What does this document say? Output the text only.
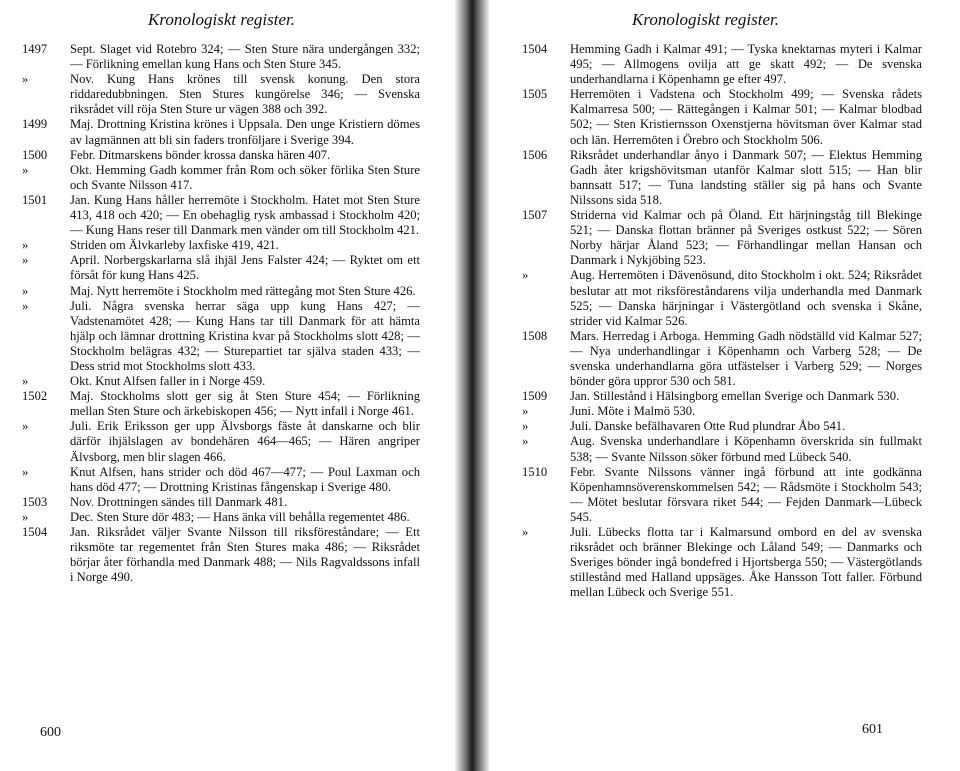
Kronologiskt register.

1497	Sept. Slaget vid Rotebro 324; — Sten Sture nära undergången 332; — Förlikning emellan kung Hans och Sten Sture 345.

»	Nov. Kung Hans krönes till svensk konung. Den stora riddaredubbningen. Sten Stures kungörelse 346; — Svenska riksrådet vill röja Sten Sture ur vägen 388 och 392.

1499	Maj. Drottning Kristina krönes i Uppsala. Den unge Kristiern dömes av lagmännen att bli sin faders tronföljare i Sverige 394.

1500	Febr. Ditmarskens bönder krossa danska hären 407.

»	Okt. Hemming Gadh kommer från Rom och söker förlika Sten Sture och Svante Nilsson 417.

1501	Jan. Kung Hans håller herremöte i Stockholm. Hatet mot Sten Sture 413, 418 och 420; — En obehaglig rysk ambassad i Stockholm 420; — Kung Hans reser till Danmark men vänder om till Stockholm 421.

»	Striden om Älvkarleby laxfiske 419, 421.

»	April. Norbergskarlarna slå ihjäl Jens Falster 424; — Ryktet om ett försåt för kung Hans 425.

»	Maj. Nytt herremöte i Stockholm med rättegång mot Sten Sture 426.

»	Juli. Några svenska herrar säga upp kung Hans 427; — Vadstenamötet 428; — Kung Hans tar till Danmark för att hämta hjälp och lämnar drottning Kristina kvar på Stockholms slott 428; — Stockholm belägras 432; — Sturepartiet tar själva staden 433; — Dess strid mot Stockholms slott 433.

»	Okt. Knut Alfsen faller in i Norge 459.

1502	Maj. Stockholms slott ger sig åt Sten Sture 454; — Förlikning mellan Sten Sture och ärkebiskopen 456; — Nytt infall i Norge 461.

»	Juli. Erik Eriksson ger upp Älvsborgs fäste åt danskarne och blir därför ihjälslagen av bondehären 464—465; — Hären angriper Älvsborg, men blir slagen 466.

»	Knut Alfsen, hans strider och död 467—477; — Poul Laxman och hans död 477; — Drottning Kristinas fångenskap i Sverige 480.

1503	Nov. Drottningen sändes till Danmark 481.

»	Dec. Sten Sture dör 483; — Hans änka vill behålla regementet 486.

1504	Jan. Riksrådet väljer Svante Nilsson till riksföreståndare; — Ett riksmöte tar regementet från Sten Stures maka 486; — Riksrådet börjar åter förhandla med Danmark 488; — Nils Ragvaldssons infall i Norge 490.

600
Kronologiskt register.

1504	Hemming Gadh i Kalmar 491; — Tyska knektarnas myteri i Kalmar 495; — Allmogens ovilja att ge skatt 492; — De svenska underhandlarna i Köpenhamn ge efter 497.

1505	Herremöten i Vadstena och Stockholm 499; — Svenska rådets Kalmarresa 500; — Rättegången i Kalmar 501; — Kalmar blodbad 502; — Sten Kristiernsson Oxenstjerna hövitsman över Kalmar stad och län. Herremöten i Örebro och Stockholm 506.

1506	Riksrådet underhandlar ånyo i Danmark 507; — Elektus Hemming Gadh åter krigshövitsman utanför Kalmar slott 515; — Han blir bannsatt 517; — Tuna landsting ställer sig på hans och Svante Nilssons sida 518.

1507	Striderna vid Kalmar och på Öland. Ett härjningståg till Blekinge 521; — Danska flottan bränner på Sveriges ostkust 522; — Sören Norby härjar Åland 523; — Förhandlingar mellan Hansan och Danmark i Nykjöbing 523.

»	Aug. Herremöten i Dävenösund, dito Stockholm i okt. 524; Riksrådet beslutar att mot riksföreståndarens vilja underhandla med Danmark 525; — Danska härjningar i Västergötland och svenska i Skåne, strider vid Kalmar 526.

1508	Mars. Herredag i Arboga. Hemming Gadh nödställd vid Kalmar 527; — Nya underhandlingar i Köpenhamn och Varberg 528; — De svenska underhandlarna göra utfästelser i Varberg 529; — Norges bönder göra uppror 530 och 581.

1509	Jan. Stillestånd i Hälsingborg emellan Sverige och Danmark 530.

»	Juni. Möte i Malmö 530.

»	Juli. Danske befälhavaren Otte Rud plundrar Åbo 541.

»	Aug. Svenska underhandlare i Köpenhamn överskrida sin fullmakt 538; — Svante Nilsson söker förbund med Lübeck 540.

1510	Febr. Svante Nilssons vänner ingå förbund att inte godkänna Köpenhamnsöverenskommelsen 542; — Rådsmöte i Stockholm 543; — Mötet beslutar försvara riket 544; — Fejden Danmark—Lübeck 545.

»	Juli. Lübecks flotta tar i Kalmarsund ombord en del av svenska riksrådet och bränner Blekinge och Låland 549; — Danmarks och Sveriges bönder ingå bondefred i Hjortsberga 550; — Västergötlands stillestånd med Halland uppsäges. Åke Hansson Tott faller. Förbund mellan Lübeck och Sverige 551.

601
